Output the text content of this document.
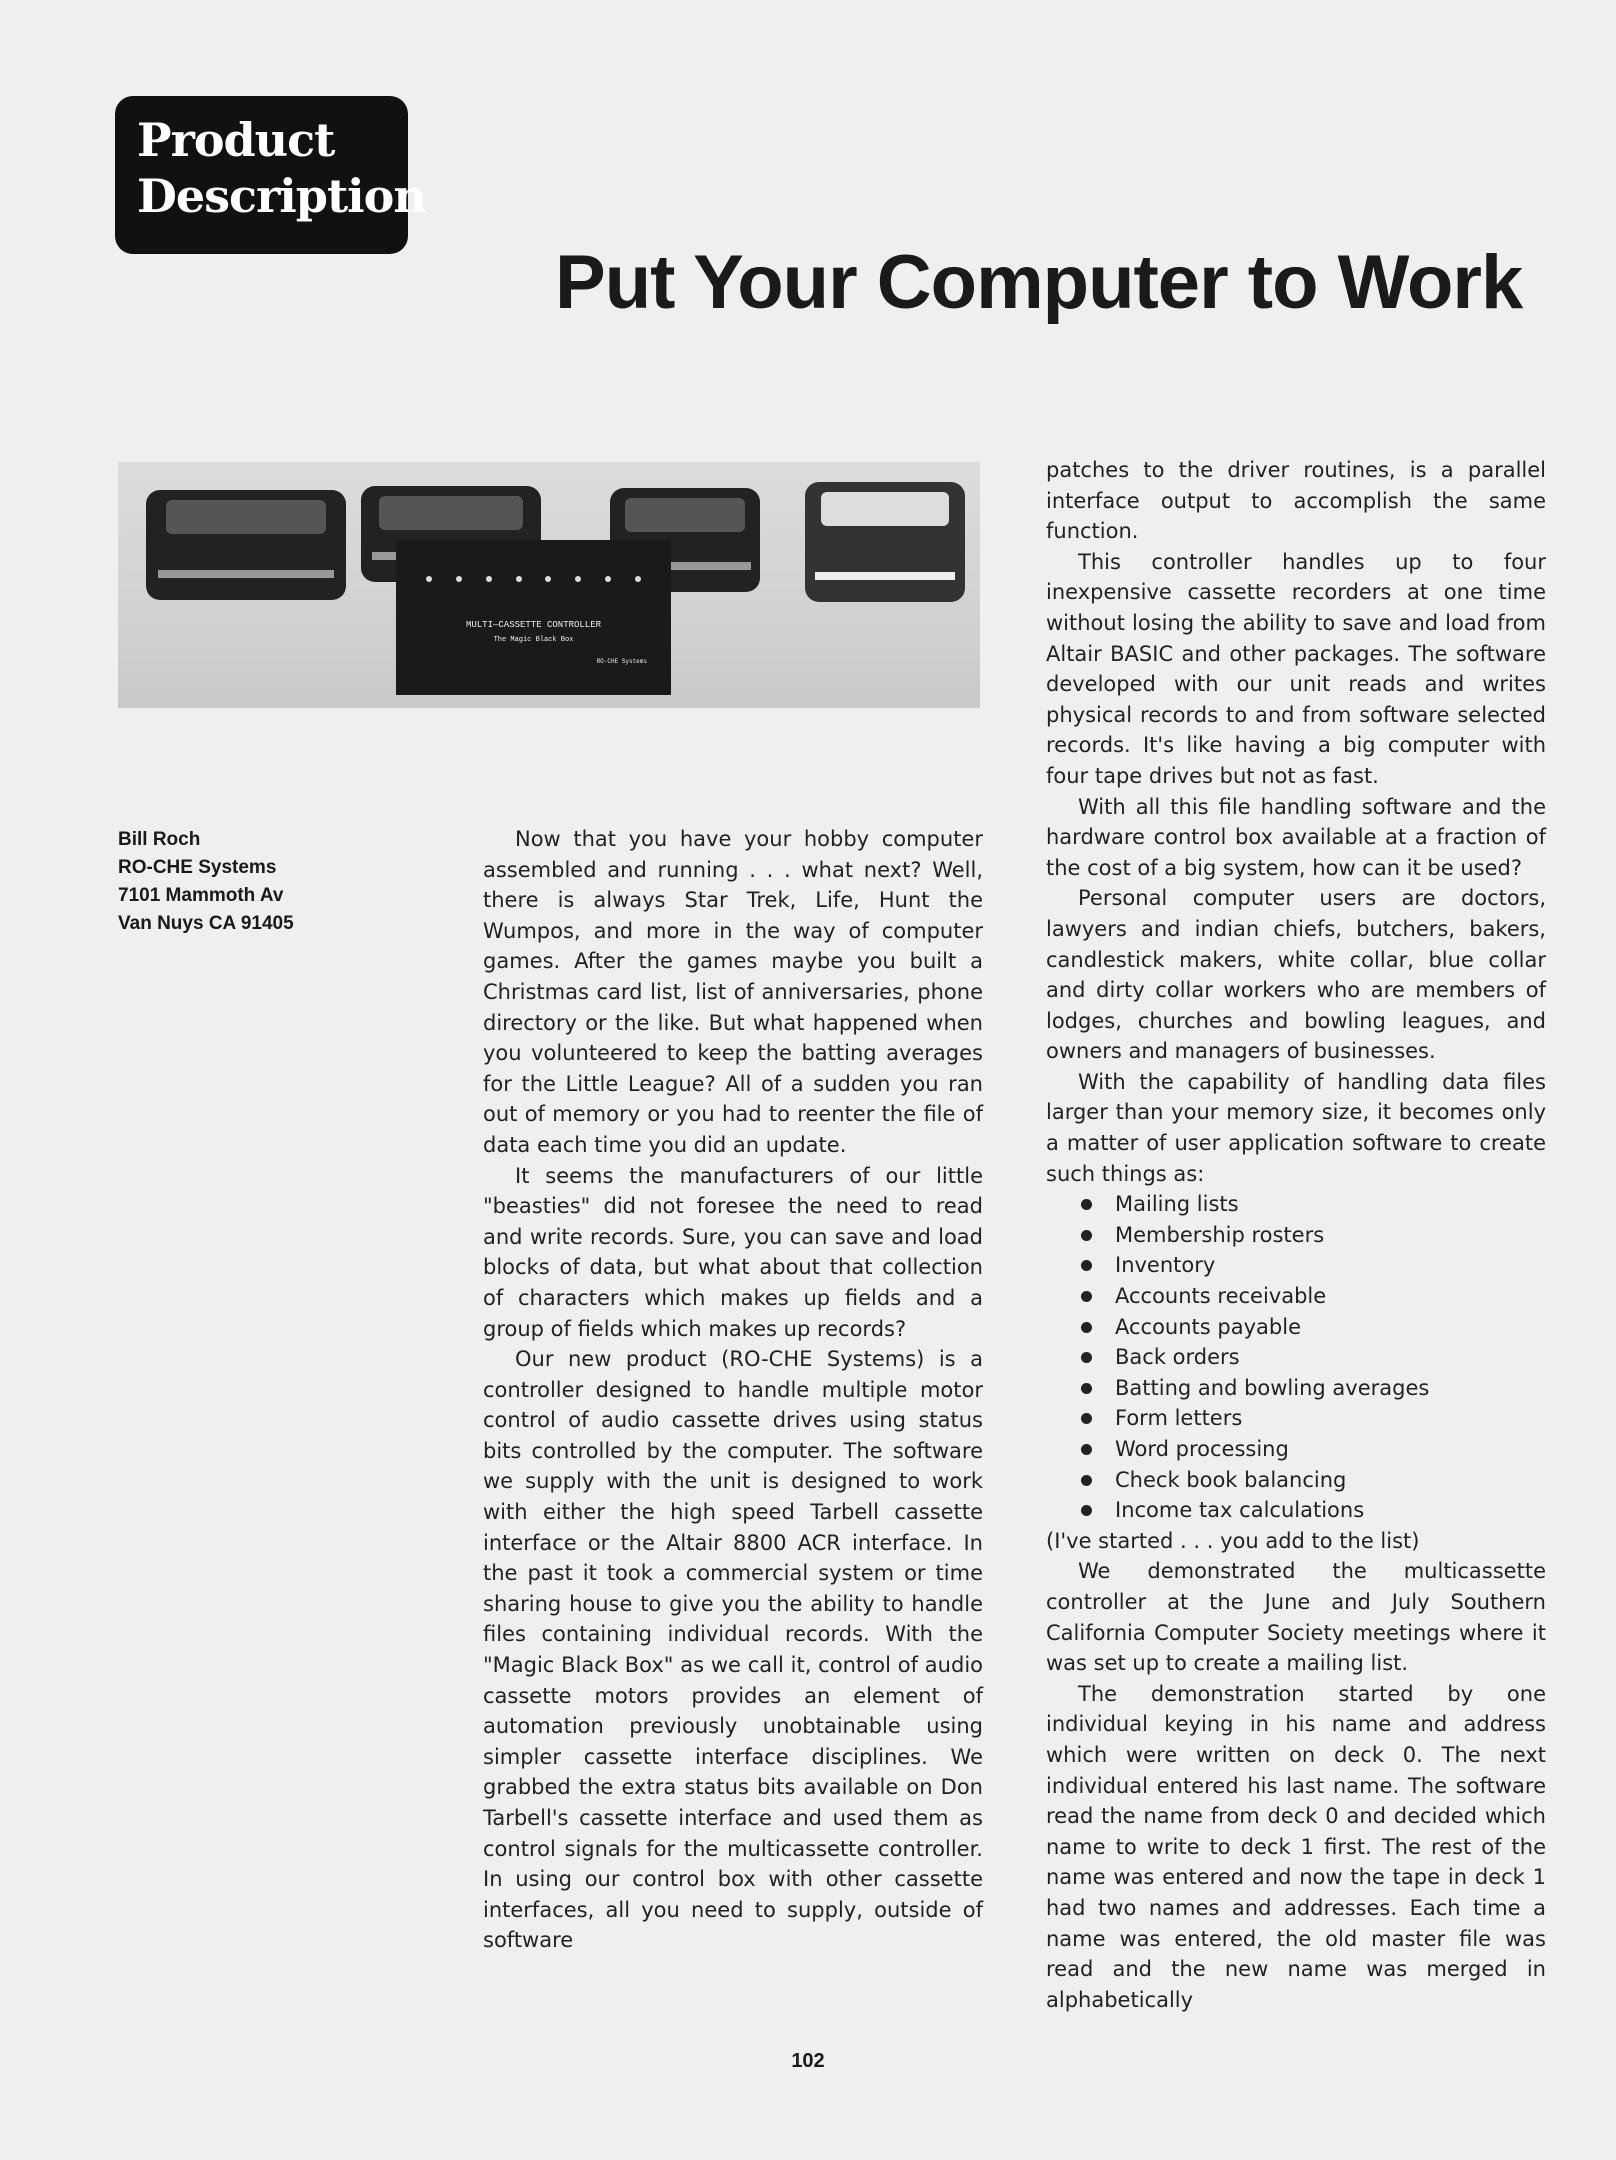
Product
Description
Put Your Computer to Work
MULTI—CASSETTE CONTROLLER
The Magic Black Box
RO-CHE Systems
Bill Roch
RO-CHE Systems
7101 Mammoth Av
Van Nuys CA 91405

Now that you have your hobby computer assembled and running . . . what next? Well, there is always Star Trek, Life, Hunt the Wumpos, and more in the way of computer games. After the games maybe you built a Christmas card list, list of anniversaries, phone directory or the like. But what happened when you volunteered to keep the batting averages for the Little League? All of a sudden you ran out of memory or you had to reenter the file of data each time you did an update.

It seems the manufacturers of our little "beasties" did not foresee the need to read and write records. Sure, you can save and load blocks of data, but what about that collection of characters which makes up fields and a group of fields which makes up records?

Our new product (RO-CHE Systems) is a controller designed to handle multiple motor control of audio cassette drives using status bits controlled by the computer. The software we supply with the unit is designed to work with either the high speed Tarbell cassette interface or the Altair 8800 ACR interface. In the past it took a commercial system or time sharing house to give you the ability to handle files containing individual records. With the "Magic Black Box" as we call it, control of audio cassette motors provides an element of automation previously unobtainable using simpler cassette interface disciplines. We grabbed the extra status bits available on Don Tarbell's cassette interface and used them as control signals for the multicassette controller. In using our control box with other cassette interfaces, all you need to supply, outside of software

patches to the driver routines, is a parallel interface output to accomplish the same function.

This controller handles up to four inexpensive cassette recorders at one time without losing the ability to save and load from Altair BASIC and other packages. The software developed with our unit reads and writes physical records to and from software selected records. It's like having a big computer with four tape drives but not as fast.

With all this file handling software and the hardware control box available at a fraction of the cost of a big system, how can it be used?

Personal computer users are doctors, lawyers and indian chiefs, butchers, bakers, candlestick makers, white collar, blue collar and dirty collar workers who are members of lodges, churches and bowling leagues, and owners and managers of businesses.

With the capability of handling data files larger than your memory size, it becomes only a matter of user application software to create such things as:

Mailing lists
Membership rosters
Inventory
Accounts receivable
Accounts payable
Back orders
Batting and bowling averages
Form letters
Word processing
Check book balancing
Income tax calculations

(I've started . . . you add to the list)

We demonstrated the multicassette controller at the June and July Southern California Computer Society meetings where it was set up to create a mailing list.

The demonstration started by one individual keying in his name and address which were written on deck 0. The next individual entered his last name. The software read the name from deck 0 and decided which name to write to deck 1 first. The rest of the name was entered and now the tape in deck 1 had two names and addresses. Each time a name was entered, the old master file was read and the new name was merged in alphabetically

102
